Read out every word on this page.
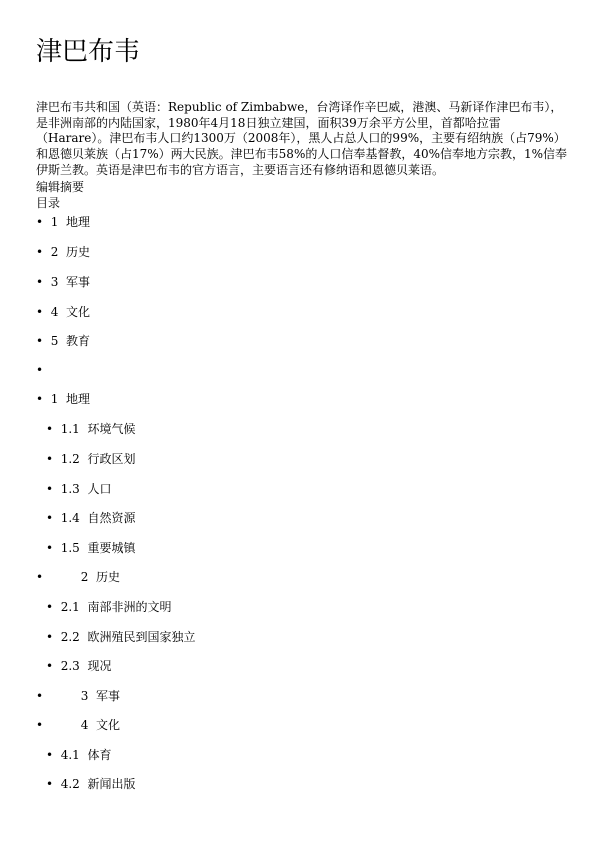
津巴布韦

津巴布韦共和国（英语：Republic of Zimbabwe，台湾译作辛巴威，港澳、马新译作津巴布韦），是非洲南部的内陆国家，1980年4月18日独立建国，面积39万余平方公里，首都哈拉雷（Harare）。津巴布韦人口约1300万（2008年），黑人占总人口的99%，主要有绍纳族（占79%）和恩德贝莱族（占17%）两大民族。津巴布韦58%的人口信奉基督教，40%信奉地方宗教，1%信奉伊斯兰教。英语是津巴布韦的官方语言，主要语言还有修纳语和恩德贝莱语。

编辑摘要
目录
• 1 地理
• 2 历史
• 3 军事
• 4 文化
• 5 教育
•
• 1 地理
• 1.1 环境气候
• 1.2 行政区划
• 1.3 人口
• 1.4 自然资源
• 1.5 重要城镇
•	2 历史
• 2.1 南部非洲的文明
• 2.2 欧洲殖民到国家独立
• 2.3 现况
•	3 军事
•	4 文化
• 4.1 体育
• 4.2 新闻出版
